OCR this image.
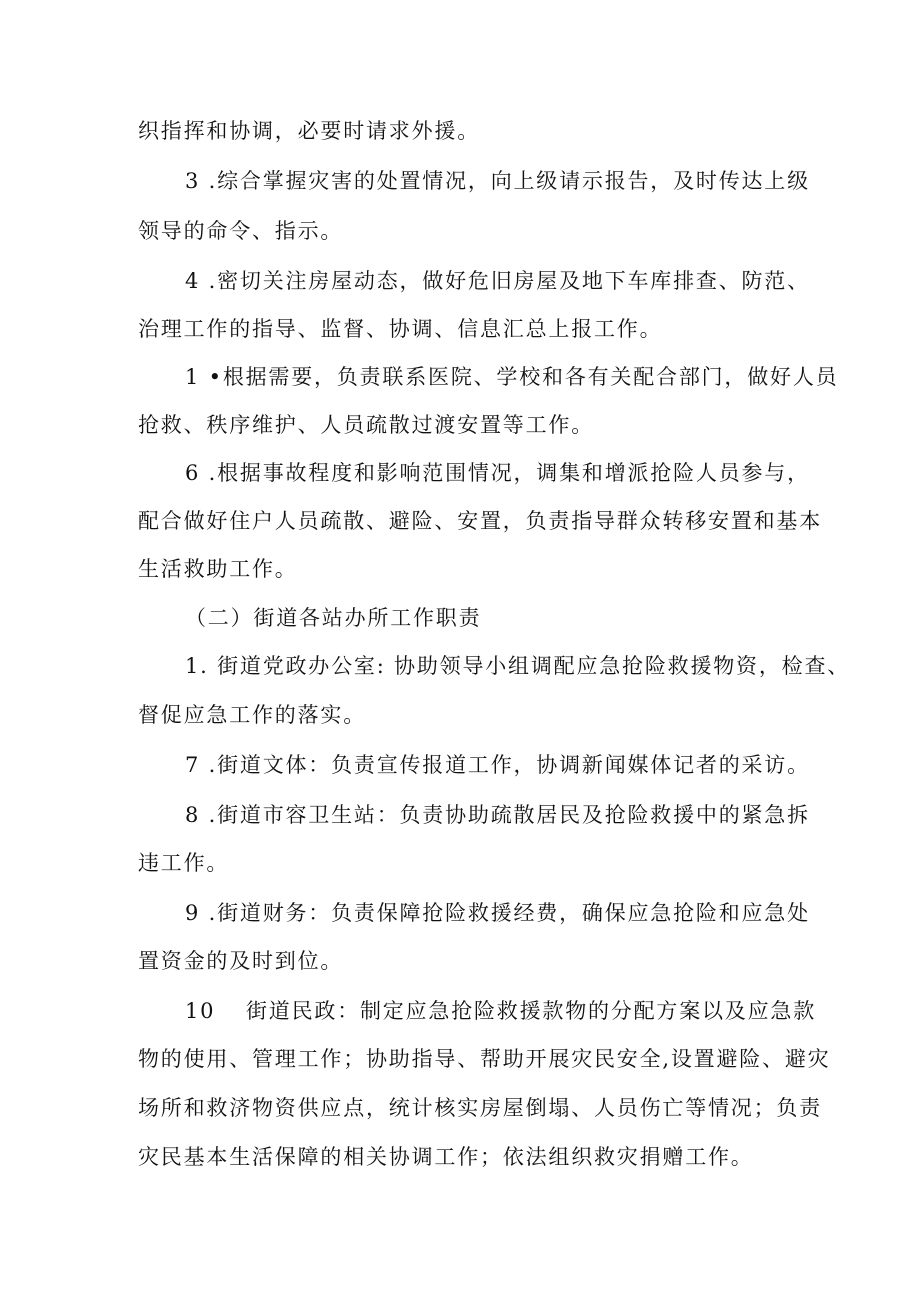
织指挥和协调，必要时请求外援。
3 .综合掌握灾害的处置情况，向上级请示报告，及时传达上级
领导的命令、指示。
4 .密切关注房屋动态，做好危旧房屋及地下车库排查、防范、
治理工作的指导、监督、协调、信息汇总上报工作。
1 •根据需要，负责联系医院、学校和各有关配合部门，做好人员
抢救、秩序维护、人员疏散过渡安置等工作。
6 .根据事故程度和影响范围情况，调集和增派抢险人员参与，
配合做好住户人员疏散、避险、安置，负责指导群众转移安置和基本
生活救助工作。
（二）街道各站办所工作职责
1. 街道党政办公室: 协助领导小组调配应急抢险救援物资，检查、
督促应急工作的落实。
7 .街道文体：负责宣传报道工作，协调新闻媒体记者的采访。
8 .街道市容卫生站：负责协助疏散居民及抢险救援中的紧急拆
违工作。
9 .街道财务：负责保障抢险救援经费，确保应急抢险和应急处
置资金的及时到位。
10	街道民政：制定应急抢险救援款物的分配方案以及应急款
物的使用、管理工作；协助指导、帮助开展灾民安全,设置避险、避灾
场所和救济物资供应点，统计核实房屋倒塌、人员伤亡等情况；负责
灾民基本生活保障的相关协调工作；依法组织救灾捐赠工作。
